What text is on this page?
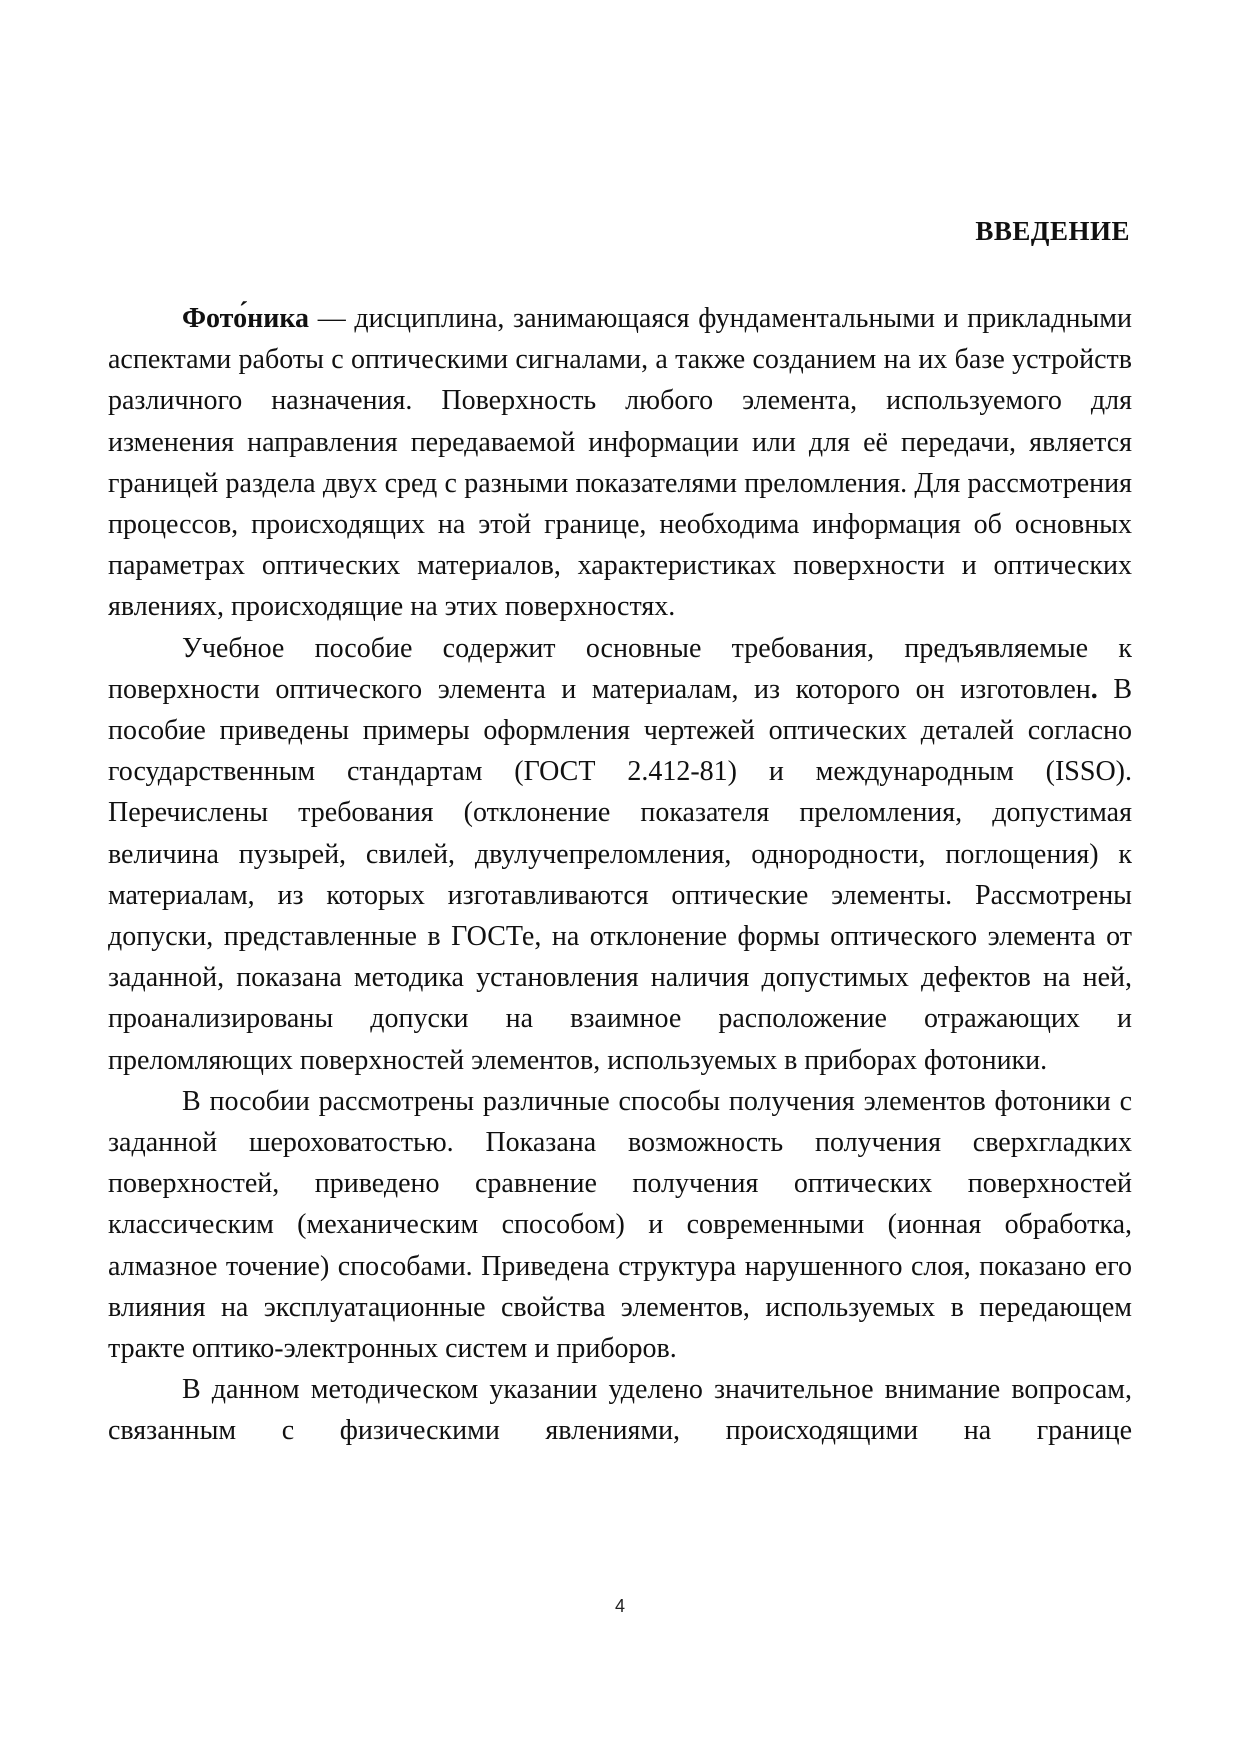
ВВЕДЕНИЕ

Фото́ника — дисциплина, занимающаяся фундаментальными и прикладными аспектами работы с оптическими сигналами, а также созданием на их базе устройств различного назначения. Поверхность любого элемента, используемого для изменения направления передаваемой информации или для её передачи, является границей раздела двух сред с разными показателями преломления. Для рассмотрения процессов, происходящих на этой границе, необходима информация об основных параметрах оптических материалов, характеристиках поверхности и оптических явлениях, происходящие на этих поверхностях.

Учебное пособие содержит основные требования, предъявляемые к поверхности оптического элемента и материалам, из которого он изготовлен. В пособие приведены примеры оформления чертежей оптических деталей согласно государственным стандартам (ГОСТ 2.412-81) и международным (ISSO). Перечислены требования (отклонение показателя преломления, допустимая величина пузырей, свилей, двулучепреломления, однородности, поглощения) к материалам, из которых изготавливаются оптические элементы. Рассмотрены допуски, представленные в ГОСТе, на отклонение формы оптического элемента от заданной, показана методика установления наличия допустимых дефектов на ней, проанализированы допуски на взаимное расположение отражающих и преломляющих поверхностей элементов, используемых в приборах фотоники.

В пособии рассмотрены различные способы получения элементов фотоники с заданной шероховатостью. Показана возможность получения сверхгладких поверхностей, приведено сравнение получения оптических поверхностей классическим (механическим способом) и современными (ионная обработка, алмазное точение) способами. Приведена структура нарушенного слоя, показано его влияния на эксплуатационные свойства элементов, используемых в передающем тракте оптико-электронных систем и приборов.

В данном методическом указании уделено значительное внимание вопросам, связанным с физическими явлениями, происходящими на границе

4
